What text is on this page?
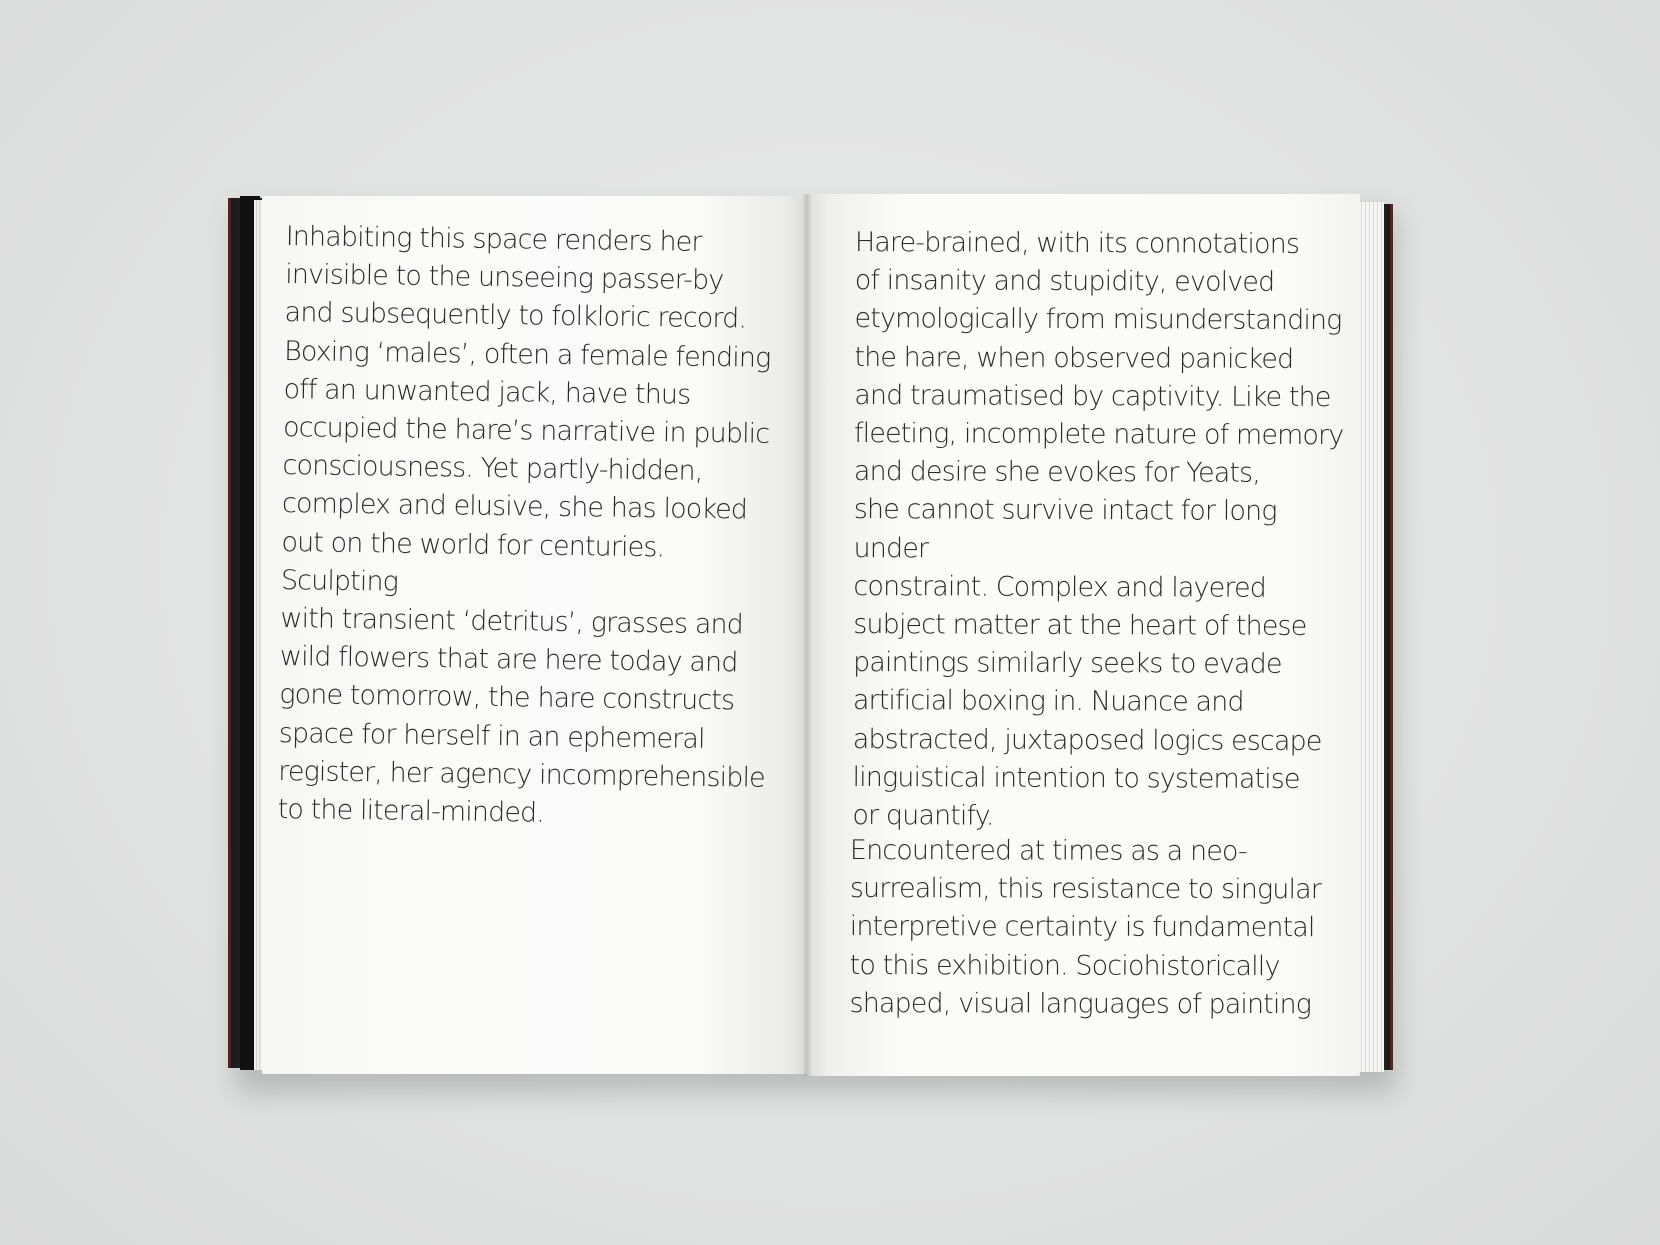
Inhabiting this space renders her
invisible to the unseeing passer-by
and subsequently to folkloric record.
Boxing ‘males’, often a female fending
off an unwanted jack, have thus
occupied the hare’s narrative in public
consciousness. Yet partly-hidden,
complex and elusive, she has looked
out on the world for centuries. Sculpting
with transient ‘detritus’, grasses and
wild flowers that are here today and
gone tomorrow, the hare constructs
space for herself in an ephemeral
register, her agency incomprehensible
to the literal-minded.

Hare-brained, with its connotations
of insanity and stupidity, evolved
etymologically from misunderstanding
the hare, when observed panicked
and traumatised by captivity. Like the
fleeting, incomplete nature of memory
and desire she evokes for Yeats,
she cannot survive intact for long under
constraint. Complex and layered
subject matter at the heart of these
paintings similarly seeks to evade
artificial boxing in. Nuance and
abstracted, juxtaposed logics escape
linguistical intention to systematise
or quantify.

Encountered at times as a neo-
surrealism, this resistance to singular
interpretive certainty is fundamental
to this exhibition. Sociohistorically
shaped, visual languages of painting
